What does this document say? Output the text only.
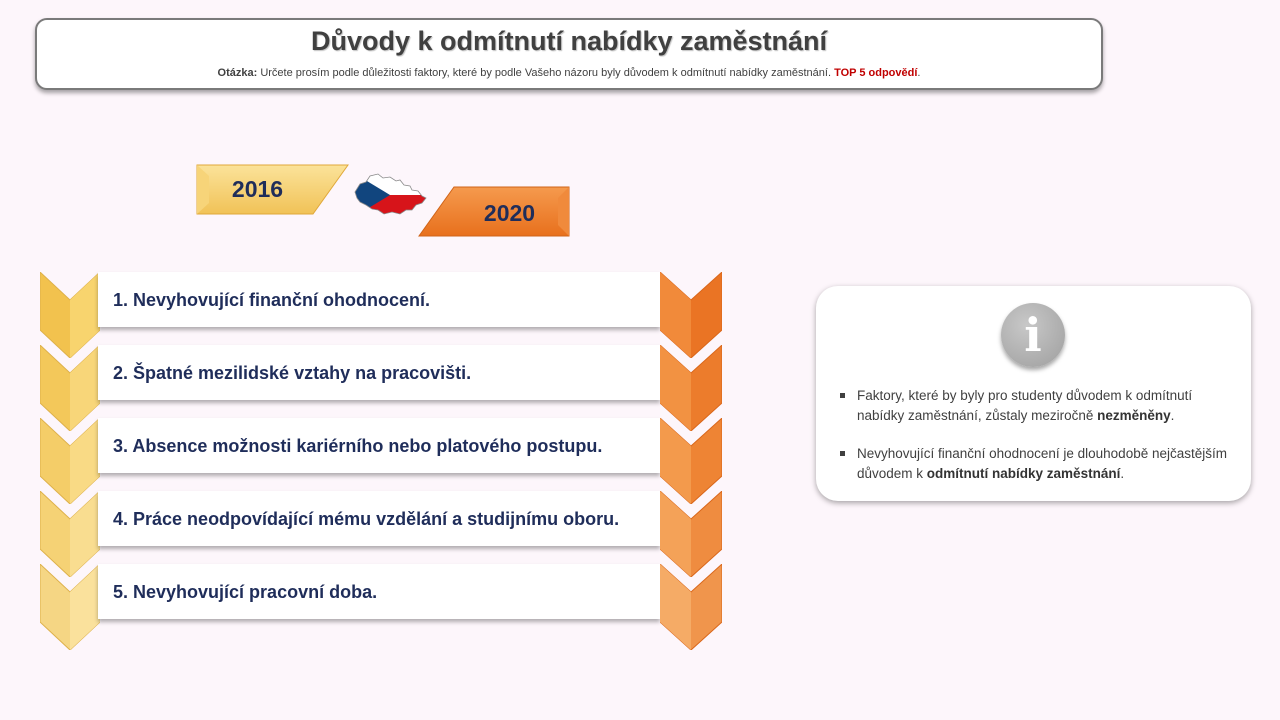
Důvody k odmítnutí nabídky zaměstnání
Otázka: Určete prosím podle důležitosti faktory, které by podle Vašeho názoru byly důvodem k odmítnutí nabídky zaměstnání. TOP 5 odpovědí.
2016
2020
1. Nevyhovující finanční ohodnocení.
2. Špatné mezilidské vztahy na pracovišti.
3. Absence možnosti kariérního nebo platového postupu.
4. Práce neodpovídající mému vzdělání a studijnímu oboru.
5. Nevyhovující pracovní doba.
i
Faktory, které by byly pro studenty důvodem k odmítnutí nabídky zaměstnání, zůstaly meziročně nezměněny.
Nevyhovující finanční ohodnocení je dlouhodobě nejčastějším důvodem k odmítnutí nabídky zaměstnání.
